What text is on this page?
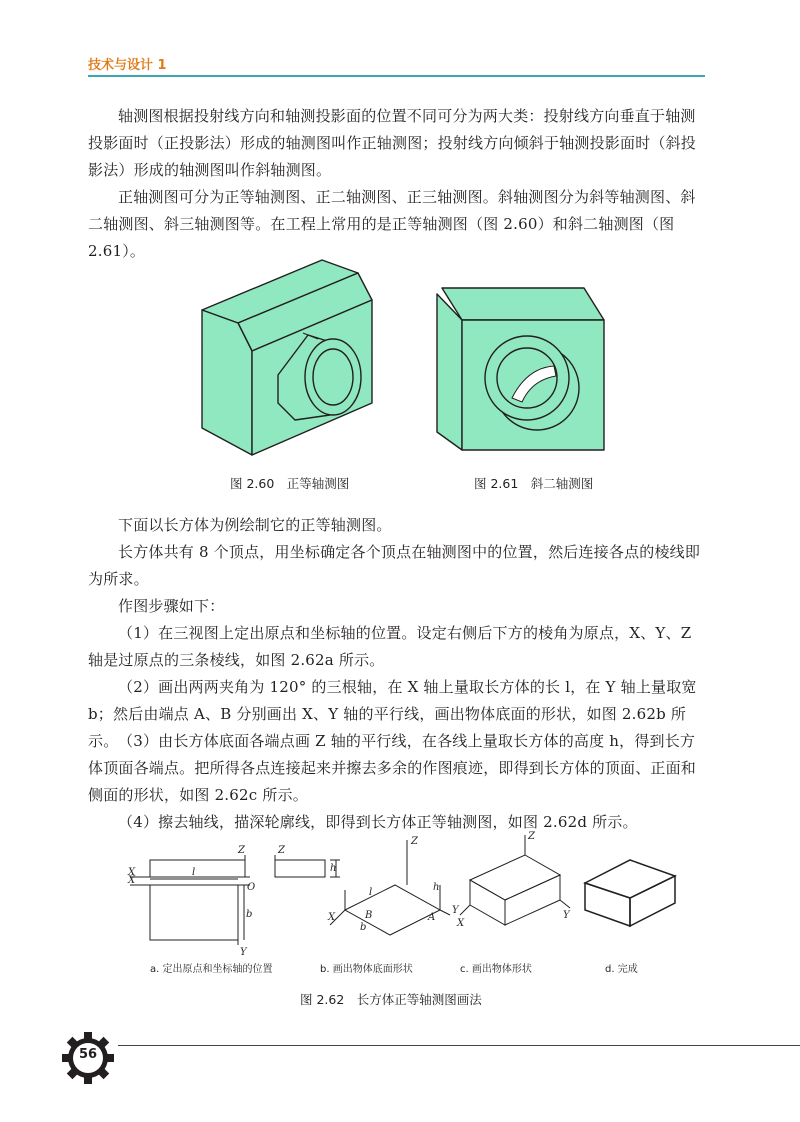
技术与设计 1

轴测图根据投射线方向和轴测投影面的位置不同可分为两大类：投射线方向垂直于轴测投影面时（正投影法）形成的轴测图叫作正轴测图；投射线方向倾斜于轴测投影面时（斜投影法）形成的轴测图叫作斜轴测图。

正轴测图可分为正等轴测图、正二轴测图、正三轴测图。斜轴测图分为斜等轴测图、斜二轴测图、斜三轴测图等。在工程上常用的是正等轴测图（图 2.60）和斜二轴测图（图 2.61）。

图 2.60　正等轴测图	图 2.61　斜二轴测图

下面以长方体为例绘制它的正等轴测图。

长方体共有 8 个顶点，用坐标确定各个顶点在轴测图中的位置，然后连接各点的棱线即为所求。

作图步骤如下：

（1）在三视图上定出原点和坐标轴的位置。设定右侧后下方的棱角为原点，X、Y、Z 轴是过原点的三条棱线，如图 2.62a 所示。

（2）画出两两夹角为 120° 的三根轴，在 X 轴上量取长方体的长 l，在 Y 轴上量取宽 b；然后由端点 A、B 分别画出 X、Y 轴的平行线，画出物体底面的形状，如图 2.62b 所示。 （3）由长方体底面各端点画 Z 轴的平行线，在各线上量取长方体的高度 h，得到长方体顶面各端点。把所得各点连接起来并擦去多余的作图痕迹，即得到长方体的顶面、正面和侧面的形状，如图 2.62c 所示。

（4）擦去轴线，描深轮廓线，即得到长方体正等轴测图，如图 2.62d 所示。

Z	Z
X
O
X
l	h
b
Y
Z
X
Y
B	A
l
b
h
Z
X
Y
a. 定出原点和坐标轴的位置	b. 画出物体底面形状	c. 画出物体形状	d. 完成
图 2.62　长方体正等轴测图画法
56
